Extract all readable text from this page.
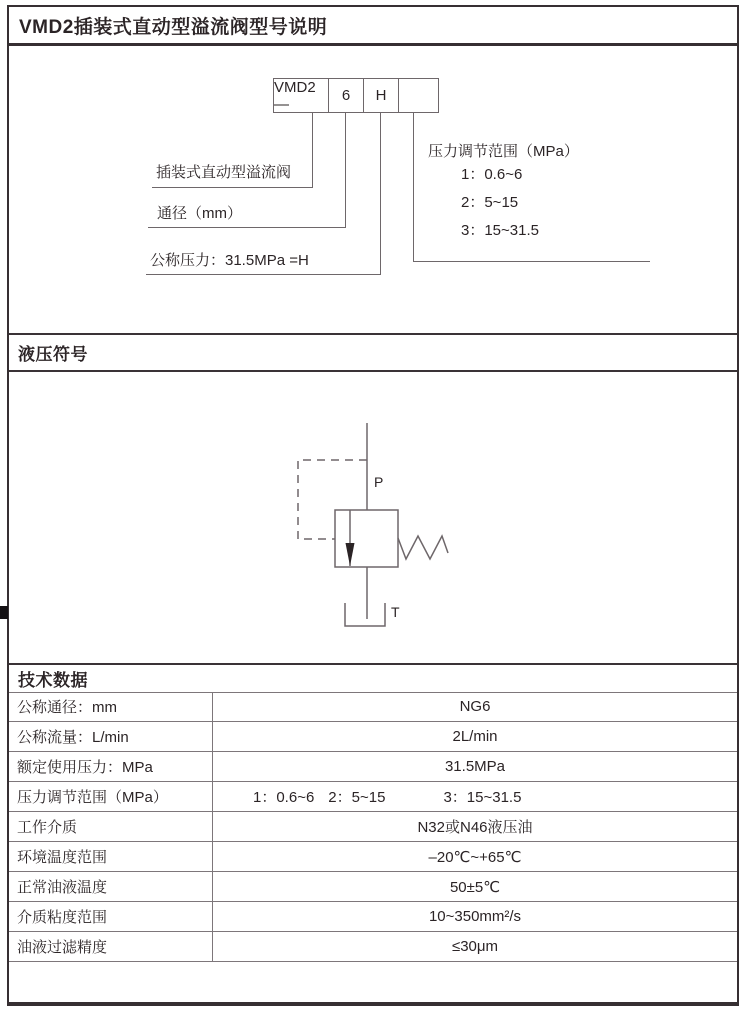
VMD2插装式直动型溢流阀型号说明
VMD2—	6	H
插装式直动型溢流阀
通径（mm）
公称压力：31.5MPa =H
压力调节范围（MPa）
1：0.6~6
2：5~15
3：15~31.5
液压符号
P
T
技术数据
公称通径：mm	NG6
公称流量：L/min	2L/min
额定使用压力：MPa	31.5MPa
压力调节范围（MPa）	1：0.6~6 2：5~15	3：15~31.5
工作介质	N32或N46液压油
环境温度范围	–20℃~+65℃
正常油液温度	50±5℃
介质粘度范围	10~350mm²/s
油液过滤精度	≤30μm
